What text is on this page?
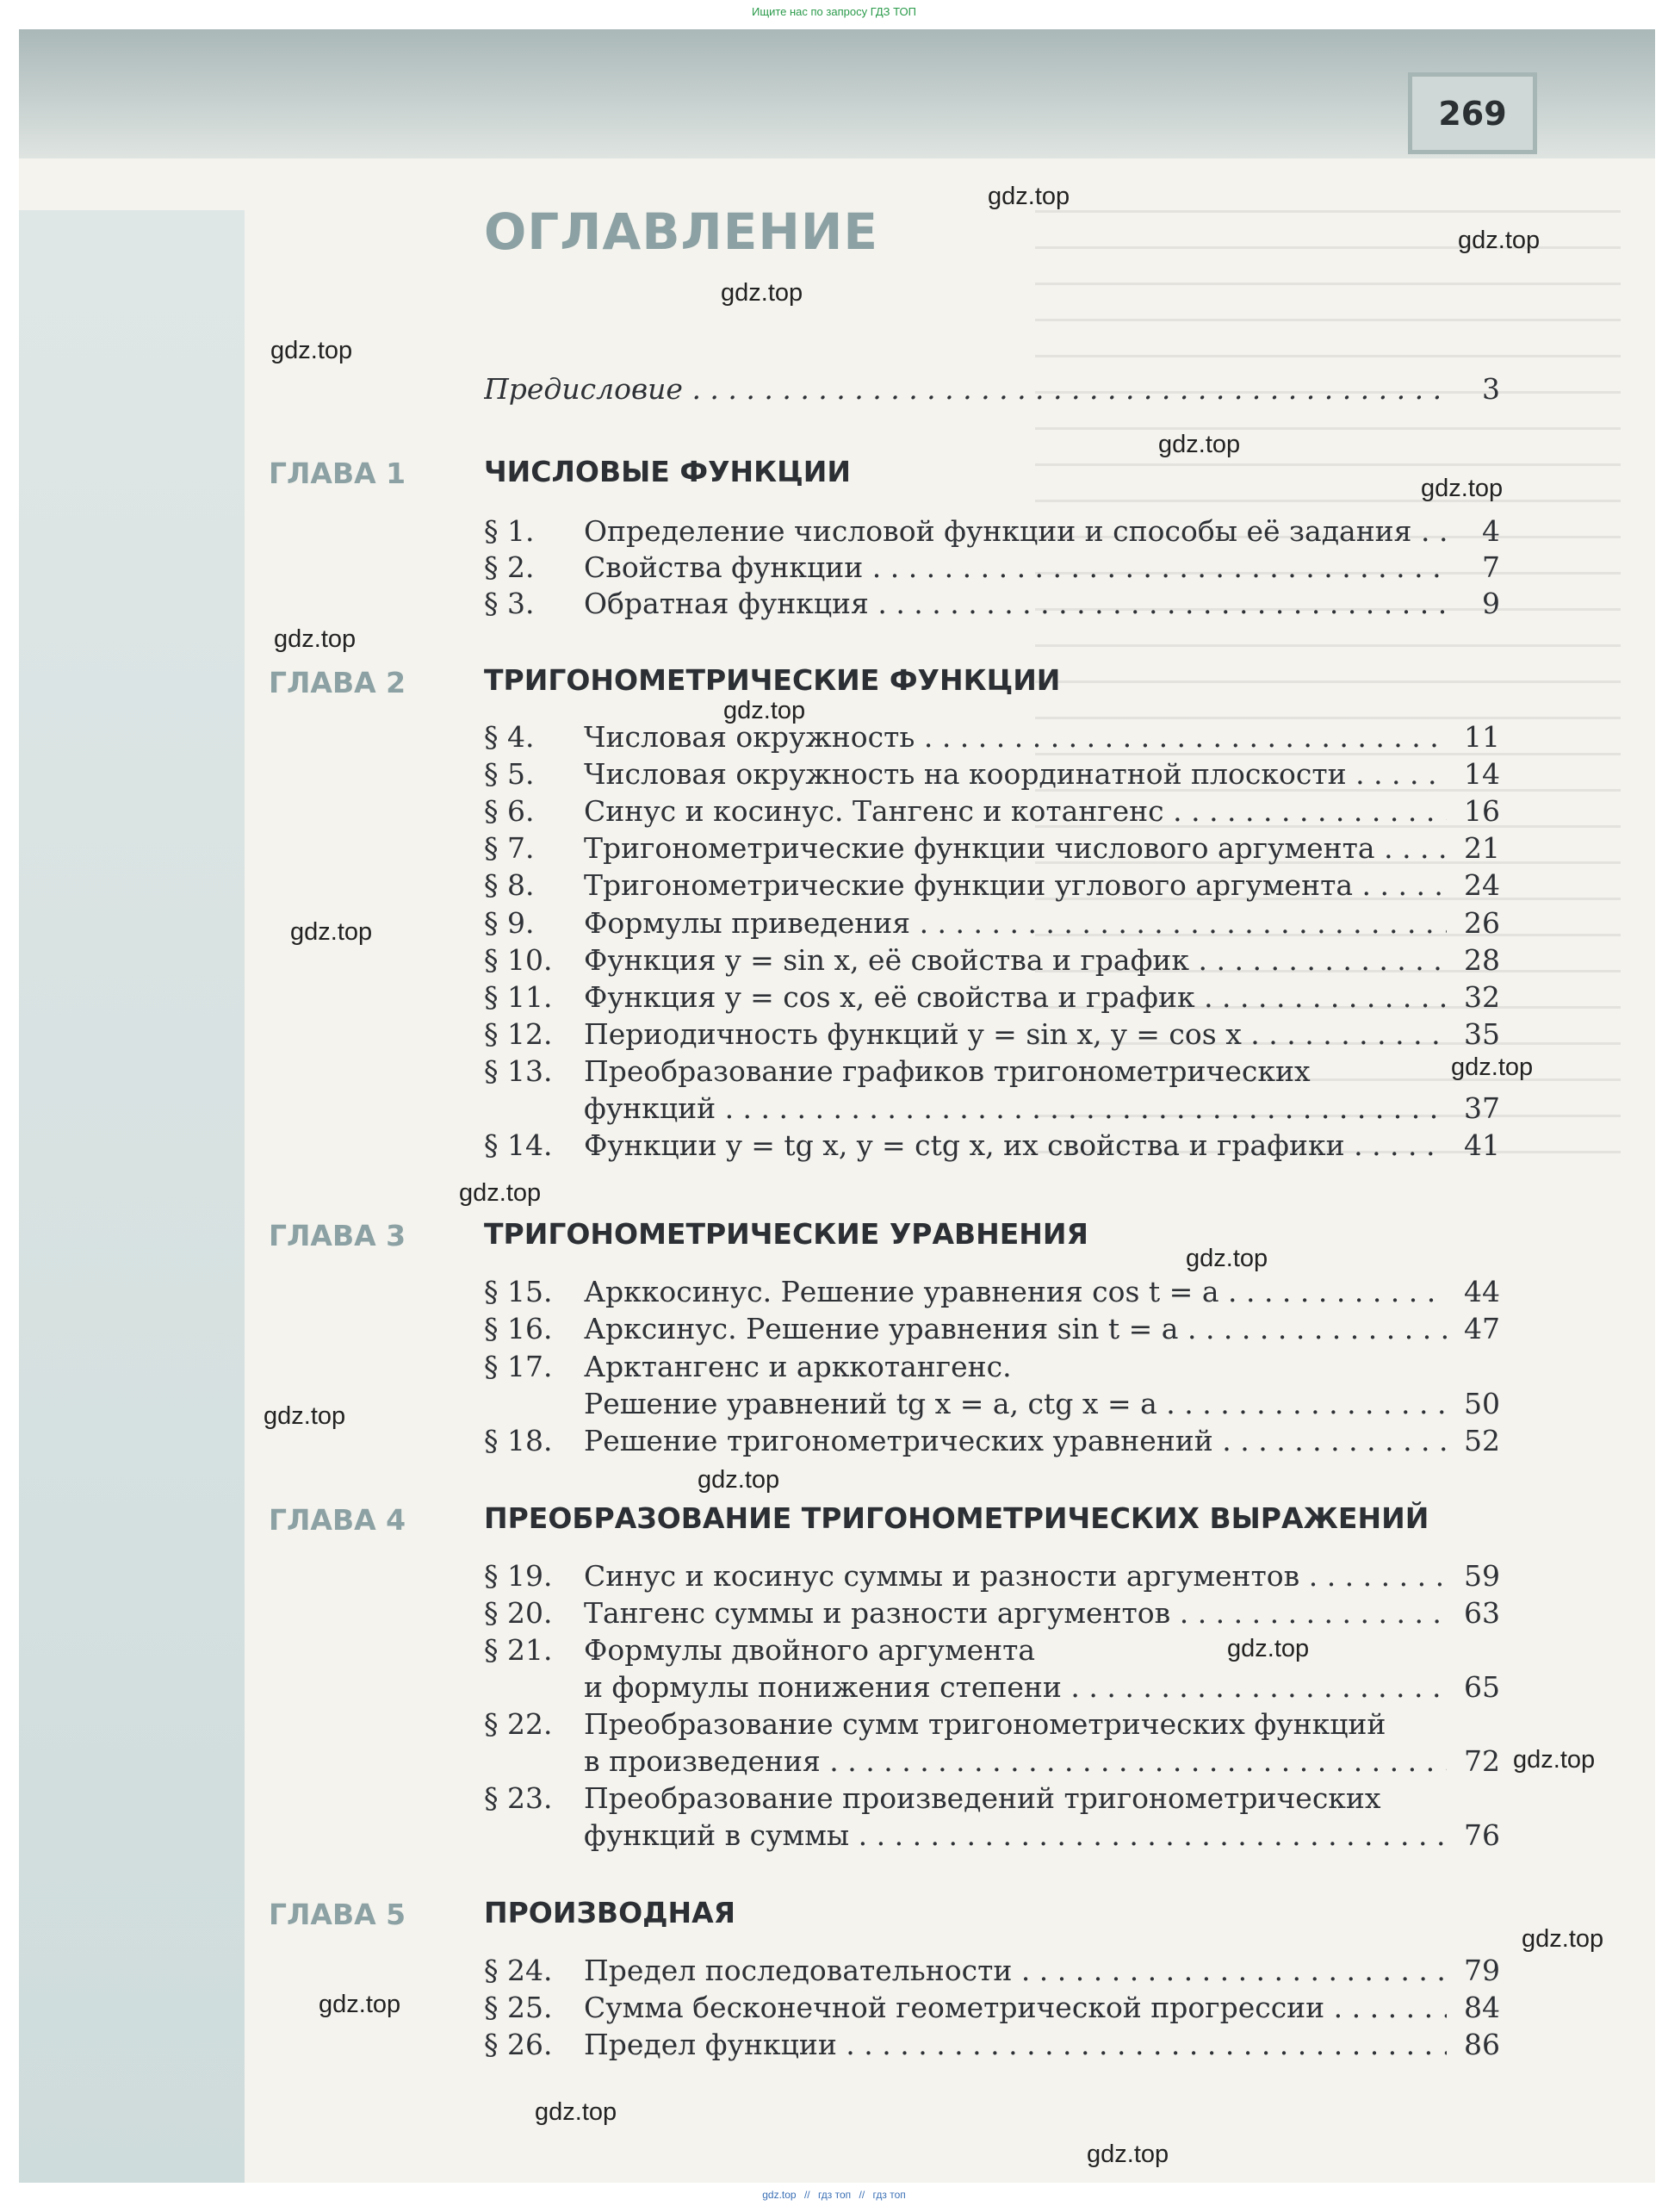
Ищите нас по запросу ГДЗ ТОП
269
ОГЛАВЛЕНИЕ
Предисловие . . .	3
ГЛАВА 1	ЧИСЛОВЫЕ ФУНКЦИИ
§ 1.	Определение числовой функции и способы её задания . . .	4
§ 2.	Свойства функции . . .	7
§ 3.	Обратная функция . . .	9
ГЛАВА 2	ТРИГОНОМЕТРИЧЕСКИЕ ФУНКЦИИ
§ 4.	Числовая окружность . . .	11
§ 5.	Числовая окружность на координатной плоскости . . .	14
§ 6.	Синус и косинус. Тангенс и котангенс . . .	16
§ 7.	Тригонометрические функции числового аргумента . . .	21
§ 8.	Тригонометрические функции углового аргумента . . .	24
§ 9.	Формулы приведения . . .	26
§ 10.	Функция y = sin x, её свойства и график . . .	28
§ 11.	Функция y = cos x, её свойства и график . . .	32
§ 12.	Периодичность функций y = sin x, y = cos x . . .	35
§ 13.	Преобразование графиков тригонометрических
функций . . .	37
§ 14.	Функции y = tg x, y = ctg x, их свойства и графики . . .	41
ГЛАВА 3	ТРИГОНОМЕТРИЧЕСКИЕ УРАВНЕНИЯ
§ 15.	Арккосинус. Решение уравнения cos t = a . . .	44
§ 16.	Арксинус. Решение уравнения sin t = a . . .	47
§ 17.	Арктангенс и арккотангенс.
Решение уравнений tg x = a, ctg x = a . . .	50
§ 18.	Решение тригонометрических уравнений . . .	52
ГЛАВА 4	ПРЕОБРАЗОВАНИЕ ТРИГОНОМЕТРИЧЕСКИХ ВЫРАЖЕНИЙ
§ 19.	Синус и косинус суммы и разности аргументов . . .	59
§ 20.	Тангенс суммы и разности аргументов . . .	63
§ 21.	Формулы двойного аргумента
и формулы понижения степени . . .	65
§ 22.	Преобразование сумм тригонометрических функций
в произведения . . .	72
§ 23.	Преобразование произведений тригонометрических
функций в суммы . . .	76
ГЛАВА 5	ПРОИЗВОДНАЯ
§ 24.	Предел последовательности . . .	79
§ 25.	Сумма бесконечной геометрической прогрессии . . .	84
§ 26.	Предел функции . . .	86
gdz.top
gdz.top
gdz.top
gdz.top
gdz.top
gdz.top
gdz.top
gdz.top
gdz.top
gdz.top
gdz.top
gdz.top
gdz.top
gdz.top
gdz.top
gdz.top
gdz.top
gdz.top
gdz.top
gdz.top
gdz.top // гдз топ // гдз топ
